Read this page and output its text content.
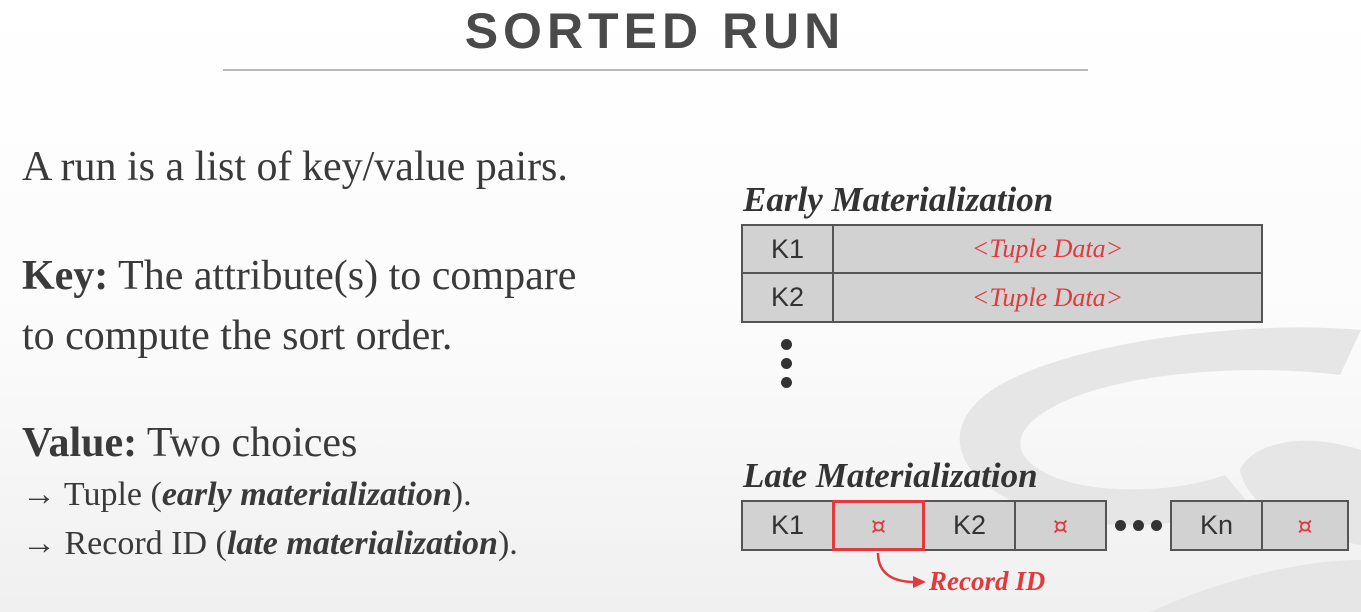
SORTED RUN
A run is a list of key/value pairs.
Key: The attribute(s) to compare
to compute the sort order.
Value: Two choices
→ Tuple (early materialization).
→ Record ID (late materialization).
Early Materialization
K1	<Tuple Data>
K2	<Tuple Data>
Late Materialization
K1	¤	K2	¤	Kn	¤
Record ID
